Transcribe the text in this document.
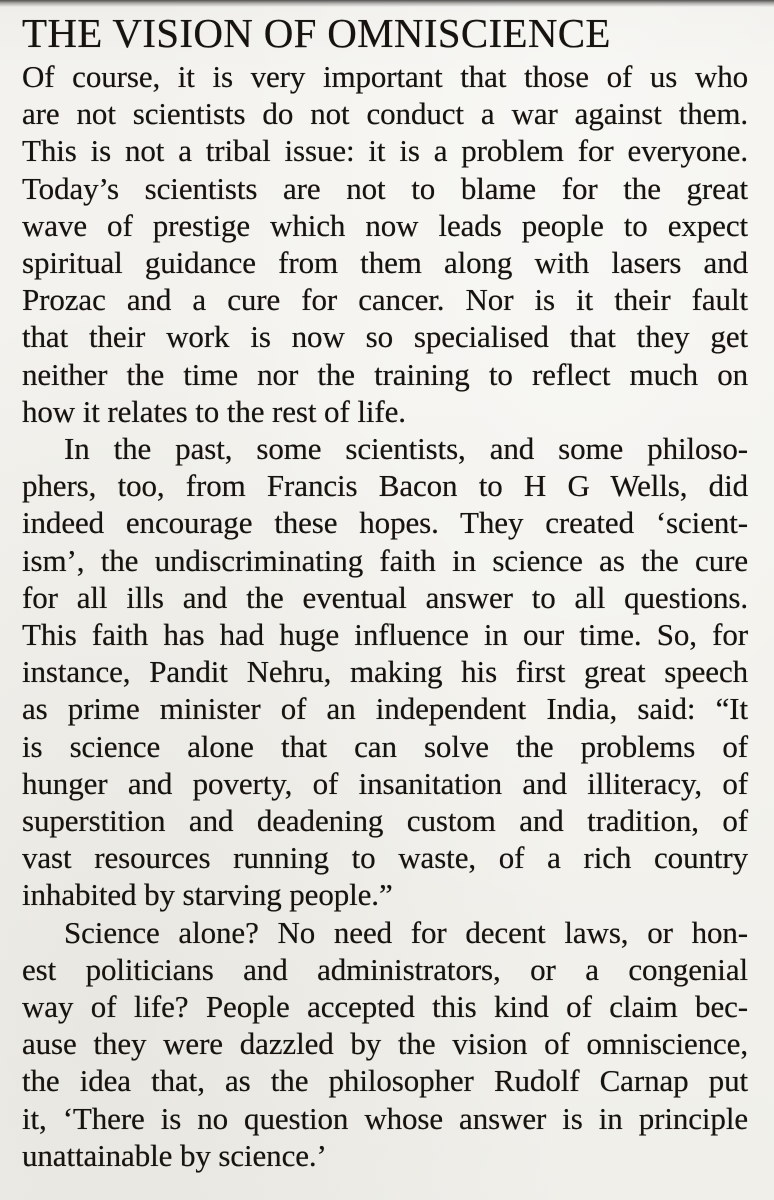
THE VISION OF OMNISCIENCE
Of course, it is very important that those of us who
are not scientists do not conduct a war against them.
This is not a tribal issue: it is a problem for everyone.
Today’s scientists are not to blame for the great
wave of prestige which now leads people to expect
spiritual guidance from them along with lasers and
Prozac and a cure for cancer. Nor is it their fault
that their work is now so specialised that they get
neither the time nor the training to reflect much on
how it relates to the rest of life.
In the past, some scientists, and some philoso-
phers, too, from Francis Bacon to H G Wells, did
indeed encourage these hopes. They created ‘scient-
ism’, the undiscriminating faith in science as the cure
for all ills and the eventual answer to all questions.
This faith has had huge influence in our time. So, for
instance, Pandit Nehru, making his first great speech
as prime minister of an independent India, said: “It
is science alone that can solve the problems of
hunger and poverty, of insanitation and illiteracy, of
superstition and deadening custom and tradition, of
vast resources running to waste, of a rich country
inhabited by starving people.”
Science alone? No need for decent laws, or hon-
est politicians and administrators, or a congenial
way of life? People accepted this kind of claim bec-
ause they were dazzled by the vision of omniscience,
the idea that, as the philosopher Rudolf Carnap put
it, ‘There is no question whose answer is in principle
unattainable by science.’
